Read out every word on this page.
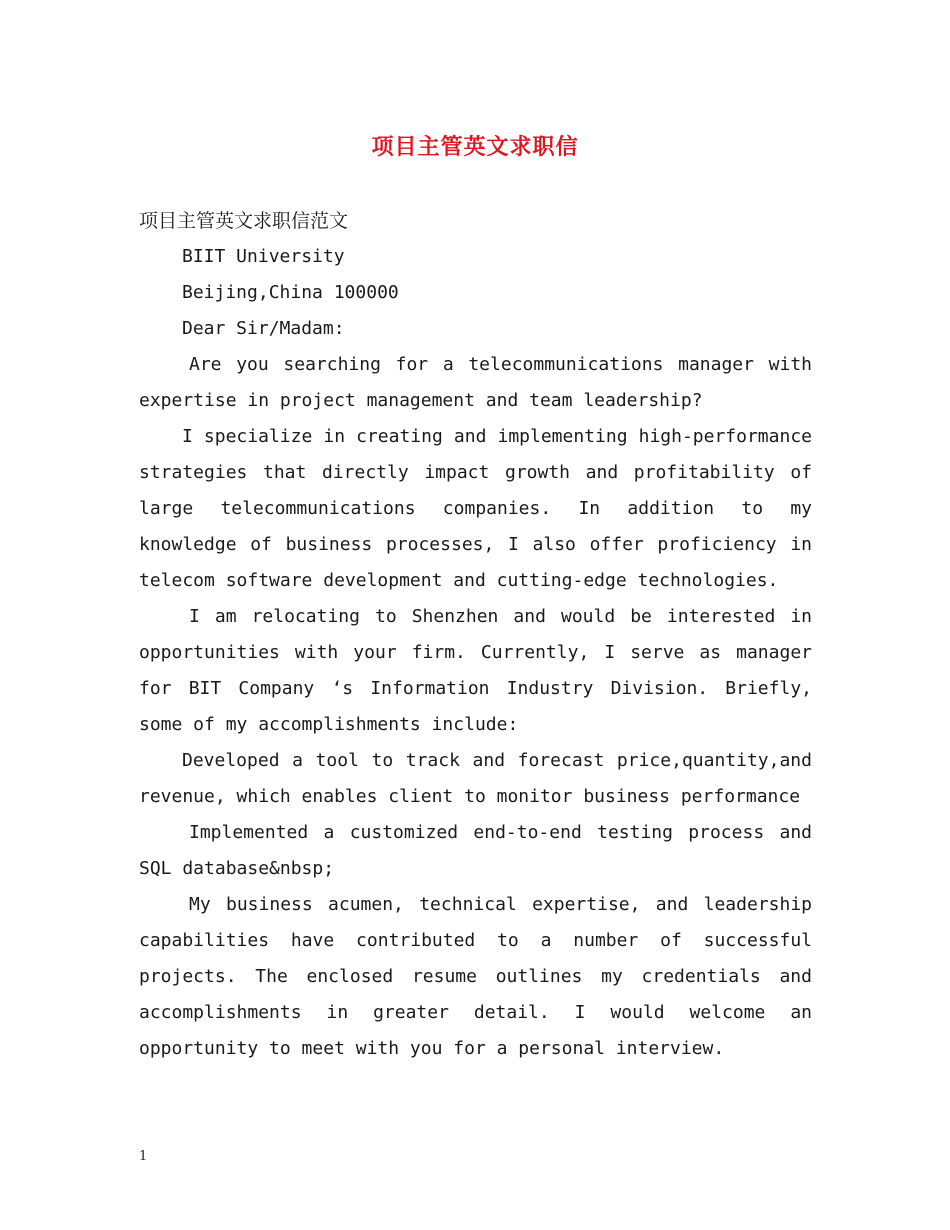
项目主管英文求职信

项目主管英文求职信范文

BIIT University

Beijing,China 100000

Dear Sir/Madam:

Are you searching for a telecommunications manager with expertise in project management and team leadership?

I specialize in creating and implementing high-performance strategies that directly impact growth and profitability of large telecommunications companies. In addition to my knowledge of business processes, I also offer proficiency in telecom software development and cutting-edge technologies.

I am relocating to Shenzhen and would be interested in opportunities with your firm. Currently, I serve as manager for BIT Company ‘s Information Industry Division. Briefly, some of my accomplishments include:

Developed a tool to track and forecast price,quantity,and revenue, which enables client to monitor business performance

Implemented a customized end-to-end testing process and SQL database&nbsp;

My business acumen, technical expertise, and leadership capabilities have contributed to a number of successful projects. The enclosed resume outlines my credentials and accomplishments in greater detail. I would welcome an opportunity to meet with you for a personal interview.

1
